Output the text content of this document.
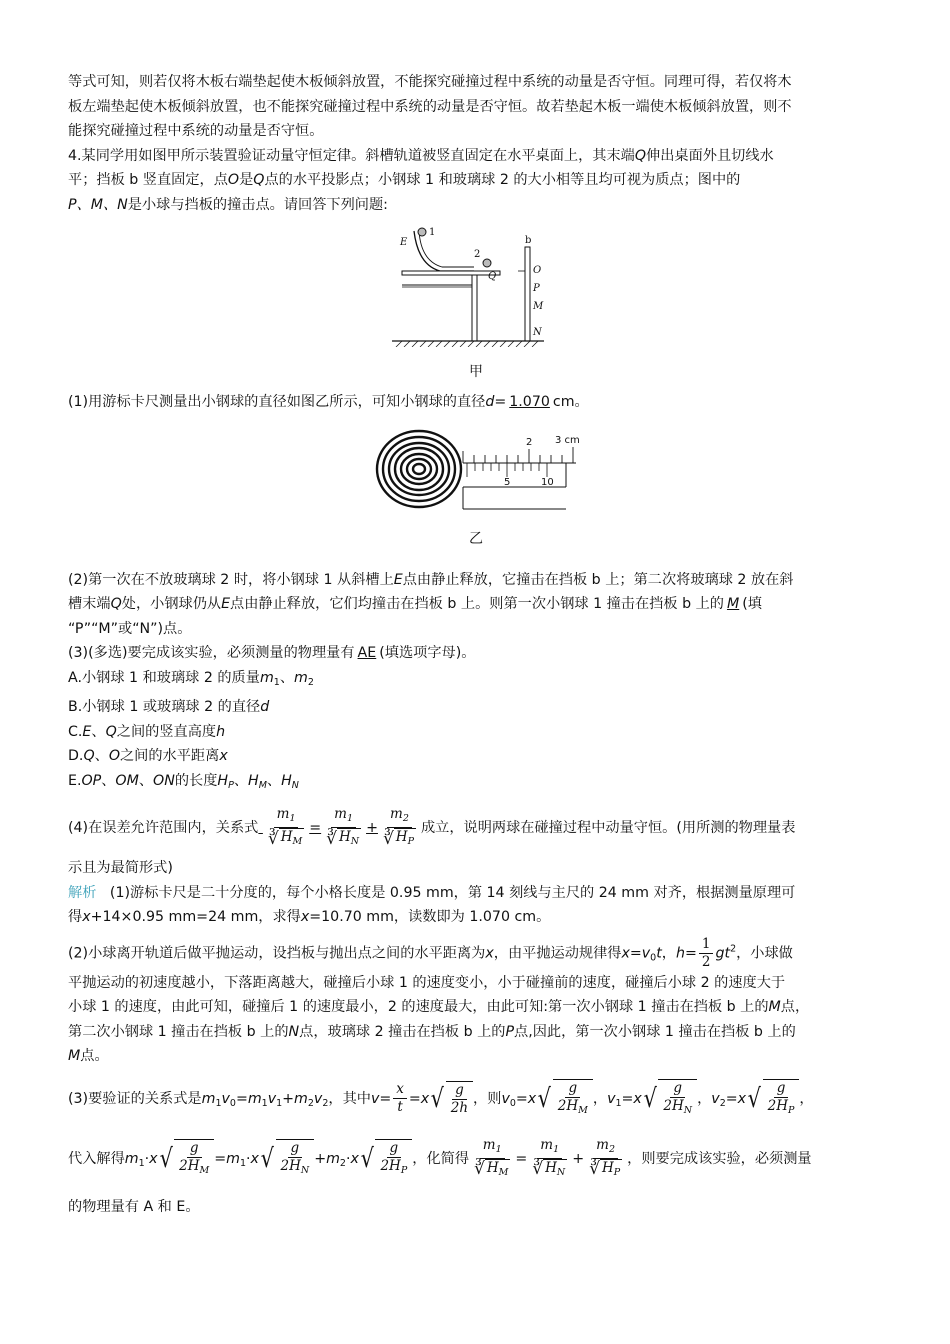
等式可知，则若仅将木板右端垫起使木板倾斜放置，不能探究碰撞过程中系统的动量是否守恒。同理可得，若仅将木

板左端垫起使木板倾斜放置，也不能探究碰撞过程中系统的动量是否守恒。故若垫起木板一端使木板倾斜放置，则不

能探究碰撞过程中系统的动量是否守恒。

4.某同学用如图甲所示装置验证动量守恒定律。斜槽轨道被竖直固定在水平桌面上，其末端Q伸出桌面外且切线水

平；挡板 b 竖直固定，点O是Q点的水平投影点；小钢球 1 和玻璃球 2 的大小相等且均可视为质点；图中的

P、M、N是小球与挡板的撞击点。请回答下列问题:

E
1
2
Q
b
O
P
M
N
甲

(1)用游标卡尺测量出小钢球的直径如图乙所示，可知小钢球的直径d= 1.070 cm。

2 3 cm
5	10
乙

(2)第一次在不放玻璃球 2 时，将小钢球 1 从斜槽上E点由静止释放，它撞击在挡板 b 上；第二次将玻璃球 2 放在斜

槽末端Q处，小钢球仍从E点由静止释放，它们均撞击在挡板 b 上。则第一次小钢球 1 撞击在挡板 b 上的 M (填

“P”“M”或“N”)点。

(3)(多选)要完成该实验，必须测量的物理量有 AE (填选项字母)。

A.小钢球 1 和玻璃球 2 的质量$m_1$、$m_2$

B.小钢球 1 或玻璃球 2 的直径d

C.E、Q之间的竖直高度h

D.Q、O之间的水平距离x

E.OP、OM、ON的长度$H_P$、$H_M$、$H_N$

(4)在误差允许范围内，关系式 $\frac{m_1}{∛ H_M} = \frac{m_1}{∛ H_N} + \frac{m_2}{∛ H_P}$ 成立，说明两球在碰撞过程中动量守恒。(用所测的物理量表

示且为最简形式)

解析 (1)游标卡尺是二十分度的，每个小格长度是 0.95 mm，第 14 刻线与主尺的 24 mm 对齐，根据测量原理可

得x+14×0.95 mm=24 mm，求得x=10.70 mm，读数即为 1.070 cm。

(2)小球离开轨道后做平抛运动，设挡板与抛出点之间的水平距离为x，由平抛运动规律得$x=v_0t$，$h= \frac{1}{2} gt^2$，小球做

平抛运动的初速度越小，下落距离越大，碰撞后小球 1 的速度变小，小于碰撞前的速度，碰撞后小球 2 的速度大于

小球 1 的速度，由此可知，碰撞后 1 的速度最小，2 的速度最大，由此可知:第一次小钢球 1 撞击在挡板 b 上的M点，

第二次小钢球 1 撞击在挡板 b 上的N点，玻璃球 2 撞击在挡板 b 上的P点,因此，第一次小钢球 1 撞击在挡板 b 上的

M点。

(3)要验证的关系式是$m_1v_0=m_1v_1+m_2v_2$，其中$v= \frac{x}{t} =x$ √ $\frac{g}{2h}$ ，则$v_0=x$ √ $\frac{g}{2H_M}$ ，$v_1=x$ √ $\frac{g}{2H_N}$ ，$v_2=x$ √ $\frac{g}{2H_P}$ ，

代入解得$m_1\cdot x$ √ $\frac{g}{2H_M} =m_1\cdot x$ √ $\frac{g}{2H_N} +m_2\cdot x$ √ $\frac{g}{2H_P}$ ，化简得 $\frac{m_1}{∛ H_M} = \frac{m_1}{∛ H_N} + \frac{m_2}{∛ H_P}$ ，则要完成该实验，必须测量

的物理量有 A 和 E。
